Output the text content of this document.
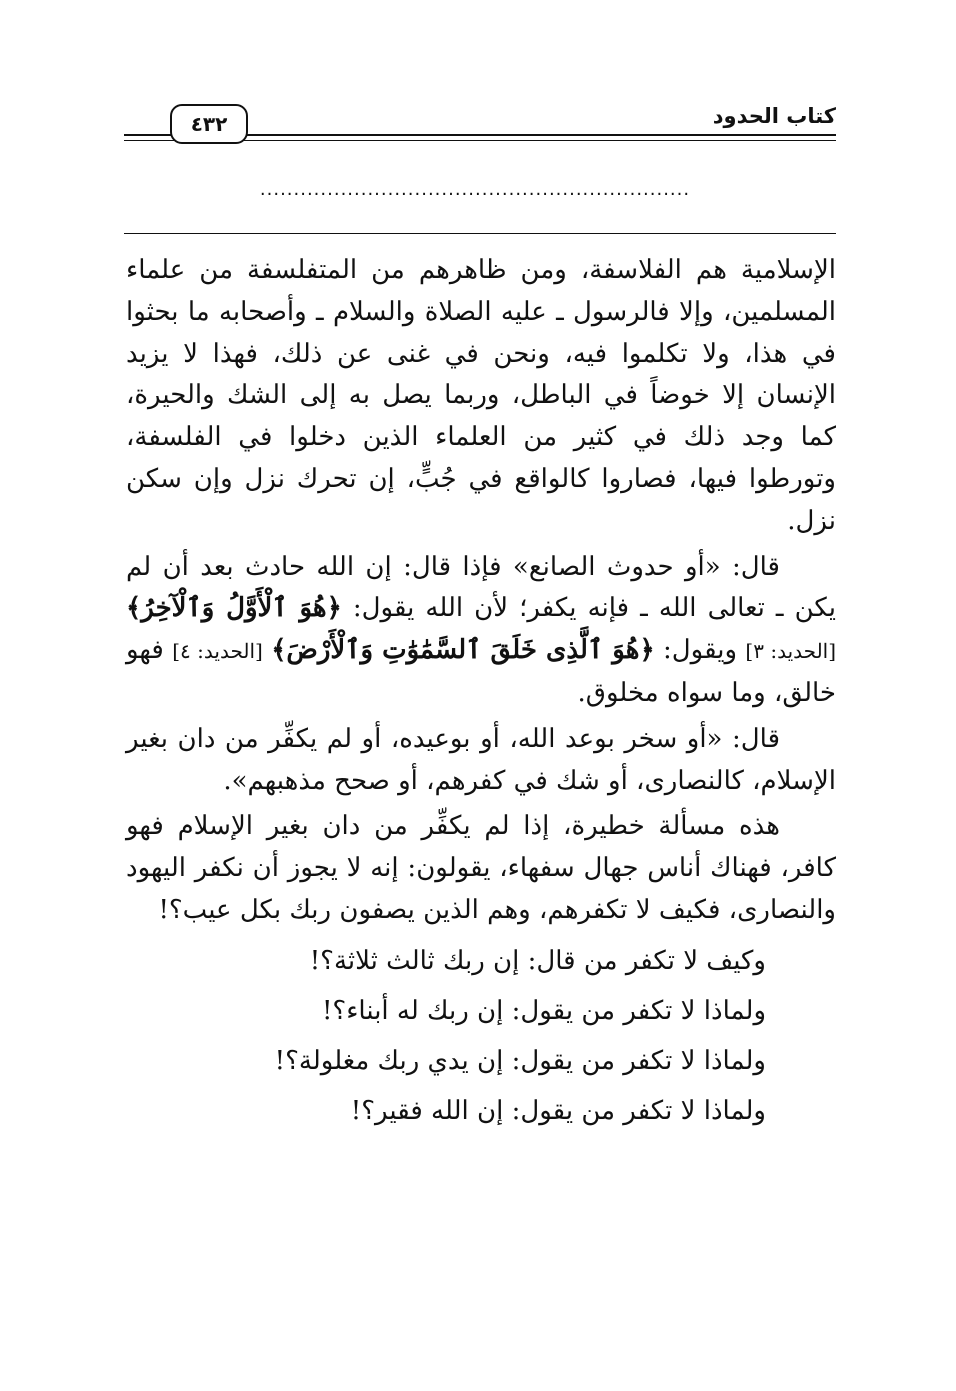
كتاب الحدود
٤٣٢
................................................................

الإسلامية هم الفلاسفة، ومن ظاهرهم من المتفلسفة من علماء المسلمين، وإلا فالرسول ـ عليه الصلاة والسلام ـ وأصحابه ما بحثوا في هذا، ولا تكلموا فيه، ونحن في غنى عن ذلك، فهذا لا يزيد الإنسان إلا خوضاً في الباطل، وربما يصل به إلى الشك والحيرة، كما وجد ذلك في كثير من العلماء الذين دخلوا في الفلسفة، وتورطوا فيها، فصاروا كالواقع في جُبٍّ، إن تحرك نزل وإن سكن نزل.

قال: «أو حدوث الصانع» فإذا قال: إن الله حادث بعد أن لم يكن ـ تعالى الله ـ فإنه يكفر؛ لأن الله يقول: ﴿هُوَ ٱلْأَوَّلُ وَٱلْآخِرُ﴾ [الحديد: ٣] ويقول: ﴿هُوَ ٱلَّذِى خَلَقَ ٱلسَّمَٰوَٰتِ وَٱلْأَرْضَ﴾ [الحديد: ٤] فهو خالق، وما سواه مخلوق.

قال: «أو سخر بوعد الله، أو بوعيده، أو لم يكفِّر من دان بغير الإسلام، كالنصارى، أو شك في كفرهم، أو صحح مذهبهم».

هذه مسألة خطيرة، إذا لم يكفِّر من دان بغير الإسلام فهو كافر، فهناك أناس جهال سفهاء، يقولون: إنه لا يجوز أن نكفر اليهود والنصارى، فكيف لا تكفرهم، وهم الذين يصفون ربك بكل عيب؟!

وكيف لا تكفر من قال: إن ربك ثالث ثلاثة؟!
ولماذا لا تكفر من يقول: إن ربك له أبناء؟!
ولماذا لا تكفر من يقول: إن يدي ربك مغلولة؟!
ولماذا لا تكفر من يقول: إن الله فقير؟!
